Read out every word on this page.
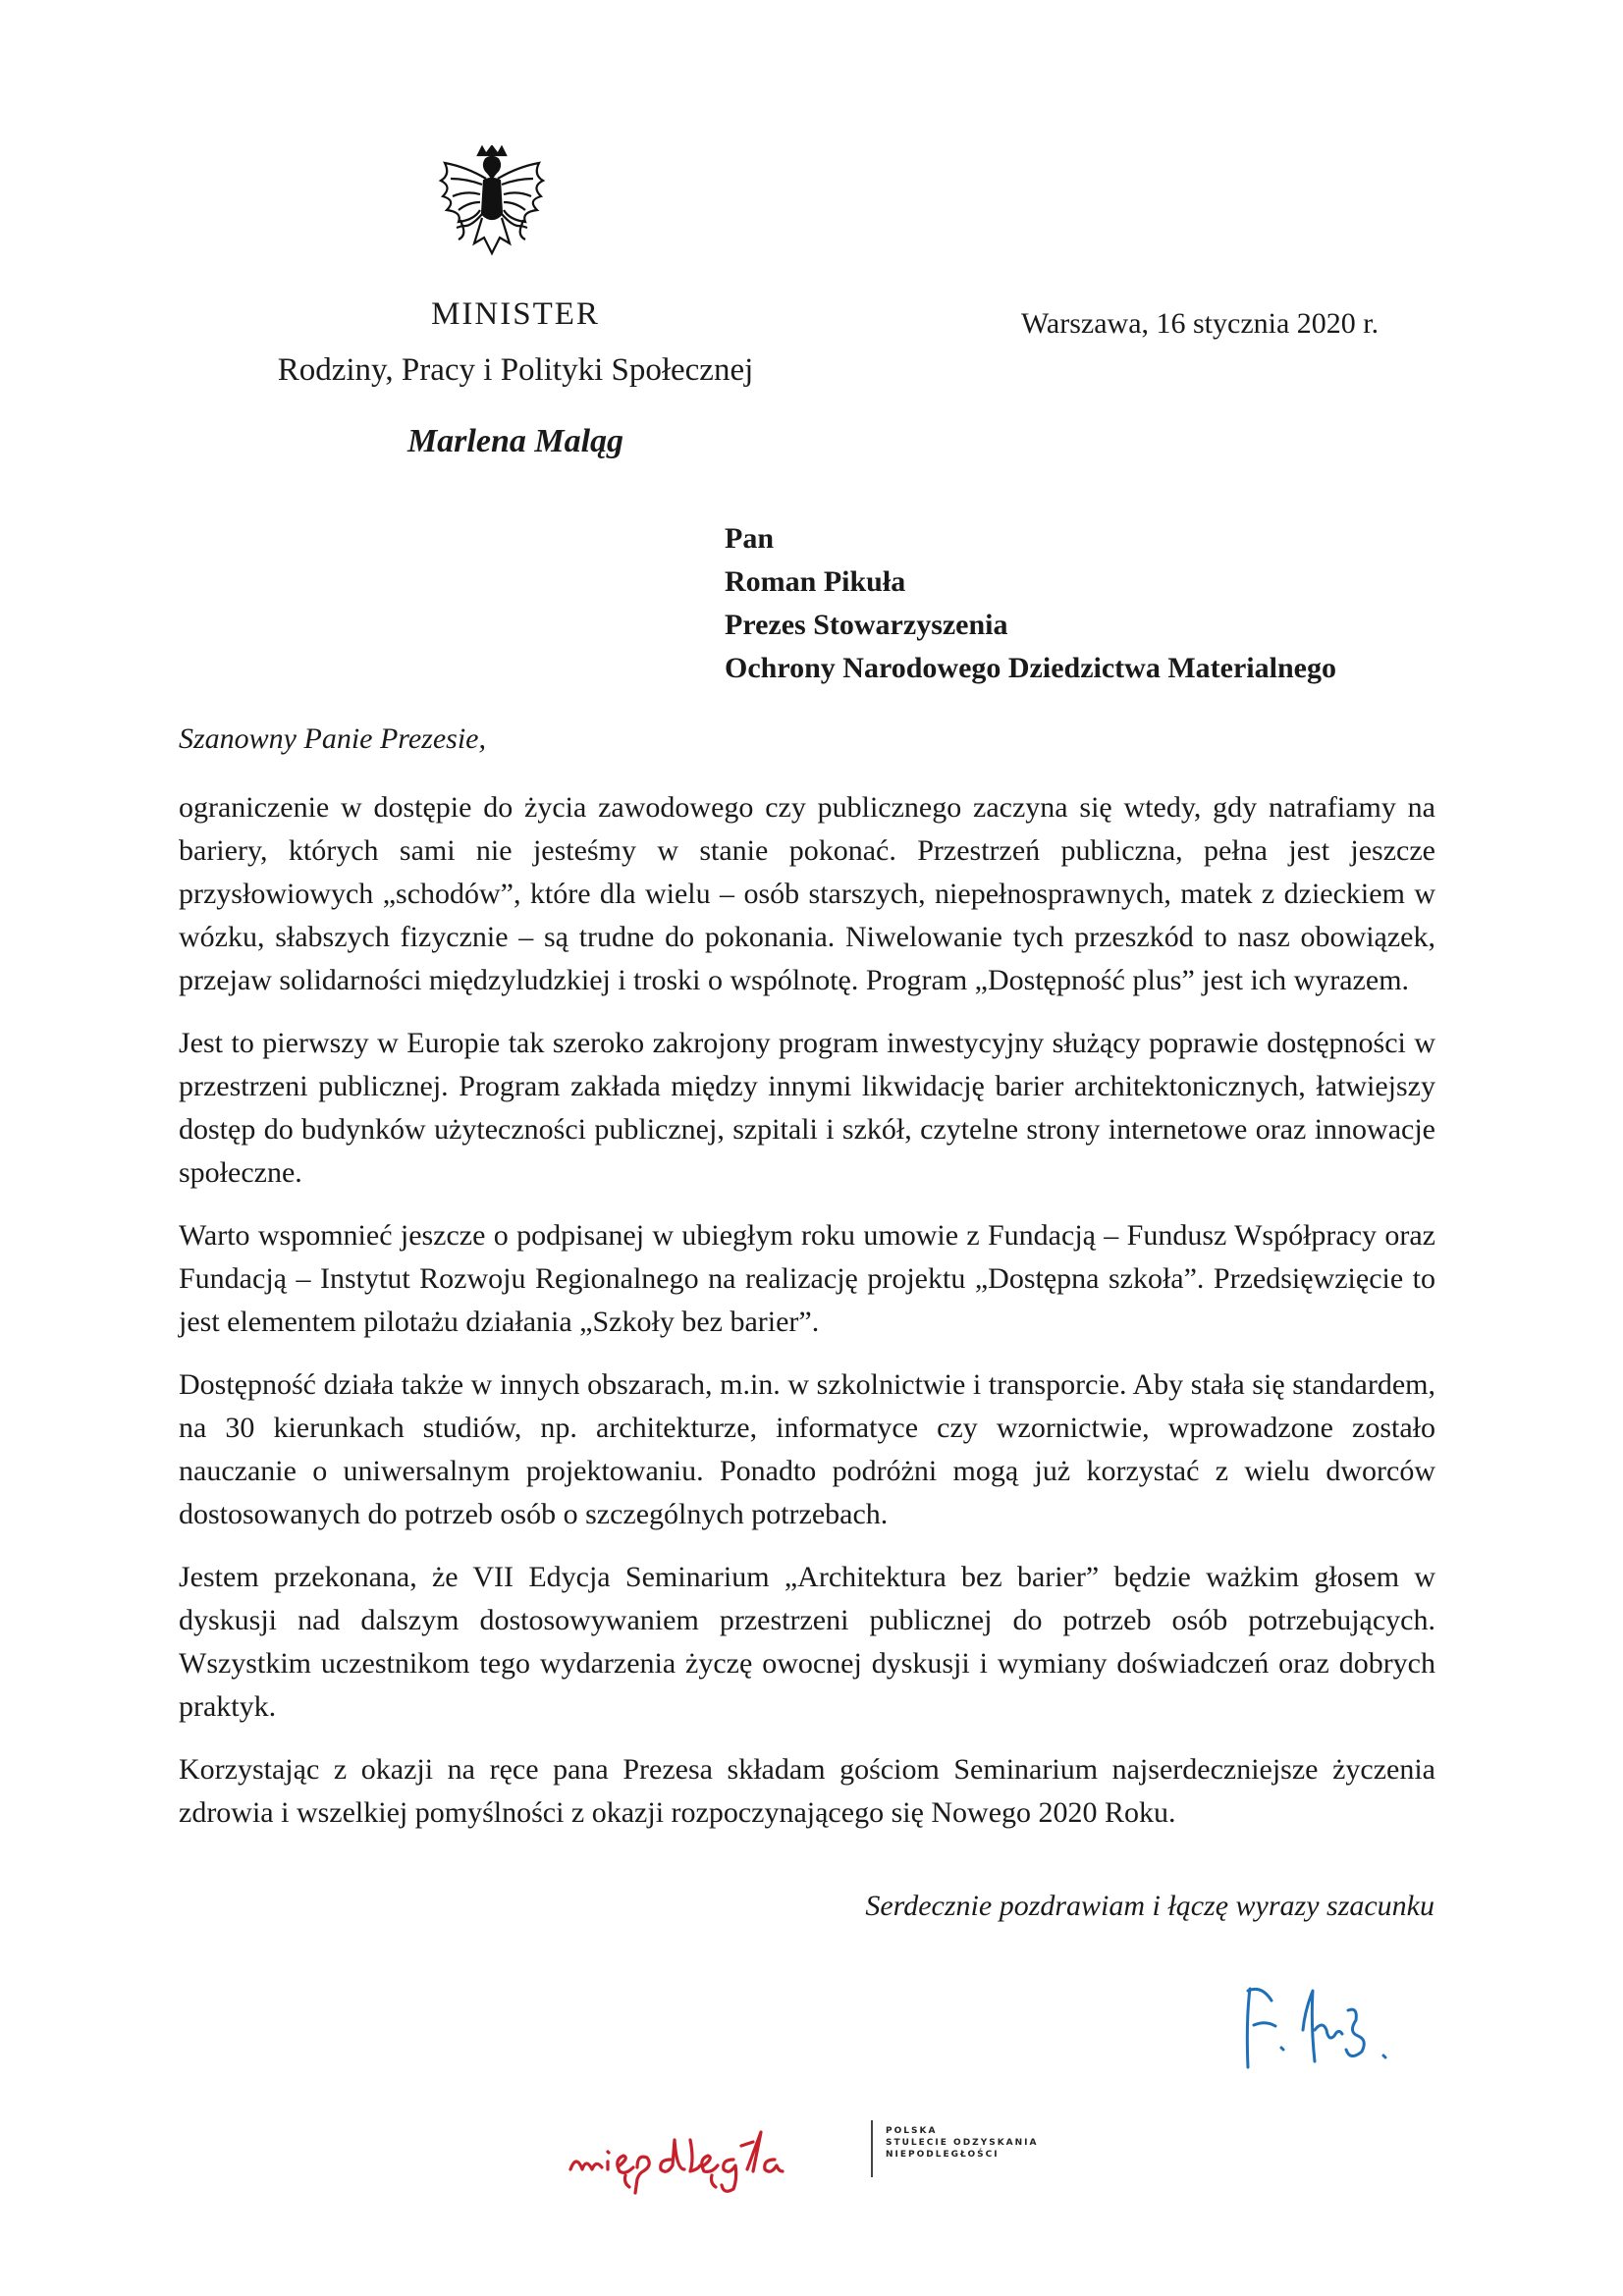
MINISTER
Rodziny, Pracy i Polityki Społecznej
Marlena Maląg
Warszawa, 16 stycznia 2020 r.
Pan
Roman Pikuła
Prezes Stowarzyszenia
Ochrony Narodowego Dziedzictwa Materialnego
Szanowny Panie Prezesie,

ograniczenie w dostępie do życia zawodowego czy publicznego zaczyna się wtedy, gdy natrafiamy na bariery, których sami nie jesteśmy w stanie pokonać. Przestrzeń publiczna, pełna jest jeszcze przysłowiowych „schodów”, które dla wielu – osób starszych, niepełnosprawnych, matek z dzieckiem w wózku, słabszych fizycznie – są trudne do pokonania. Niwelowanie tych przeszkód to nasz obowiązek, przejaw solidarności międzyludzkiej i troski o wspólnotę. Program „Dostępność plus” jest ich wyrazem.

Jest to pierwszy w Europie tak szeroko zakrojony program inwestycyjny służący poprawie dostępności w przestrzeni publicznej. Program zakłada między innymi likwidację barier architektonicznych, łatwiejszy dostęp do budynków użyteczności publicznej, szpitali i szkół, czytelne strony internetowe oraz innowacje społeczne.

Warto wspomnieć jeszcze o podpisanej w ubiegłym roku umowie z Fundacją – Fundusz Współpracy oraz Fundacją – Instytut Rozwoju Regionalnego na realizację projektu „Dostępna szkoła”. Przedsięwzięcie to jest elementem pilotażu działania „Szkoły bez barier”.

Dostępność działa także w innych obszarach, m.in. w szkolnictwie i transporcie. Aby stała się standardem, na 30 kierunkach studiów, np. architekturze, informatyce czy wzornictwie, wprowadzone zostało nauczanie o uniwersalnym projektowaniu. Ponadto podróżni mogą już korzystać z wielu dworców dostosowanych do potrzeb osób o szczególnych potrzebach.

Jestem przekonana, że VII Edycja Seminarium „Architektura bez barier” będzie ważkim głosem w dyskusji nad dalszym dostosowywaniem przestrzeni publicznej do potrzeb osób potrzebujących. Wszystkim uczestnikom tego wydarzenia życzę owocnej dyskusji i wymiany doświadczeń oraz dobrych praktyk.

Korzystając z okazji na ręce pana Prezesa składam gościom Seminarium najserdeczniejsze życzenia zdrowia i wszelkiej pomyślności z okazji rozpoczynającego się Nowego 2020 Roku.

Serdecznie pozdrawiam i łączę wyrazy szacunku
POLSKA
STULECIE ODZYSKANIA
NIEPODLEGŁOŚCI
